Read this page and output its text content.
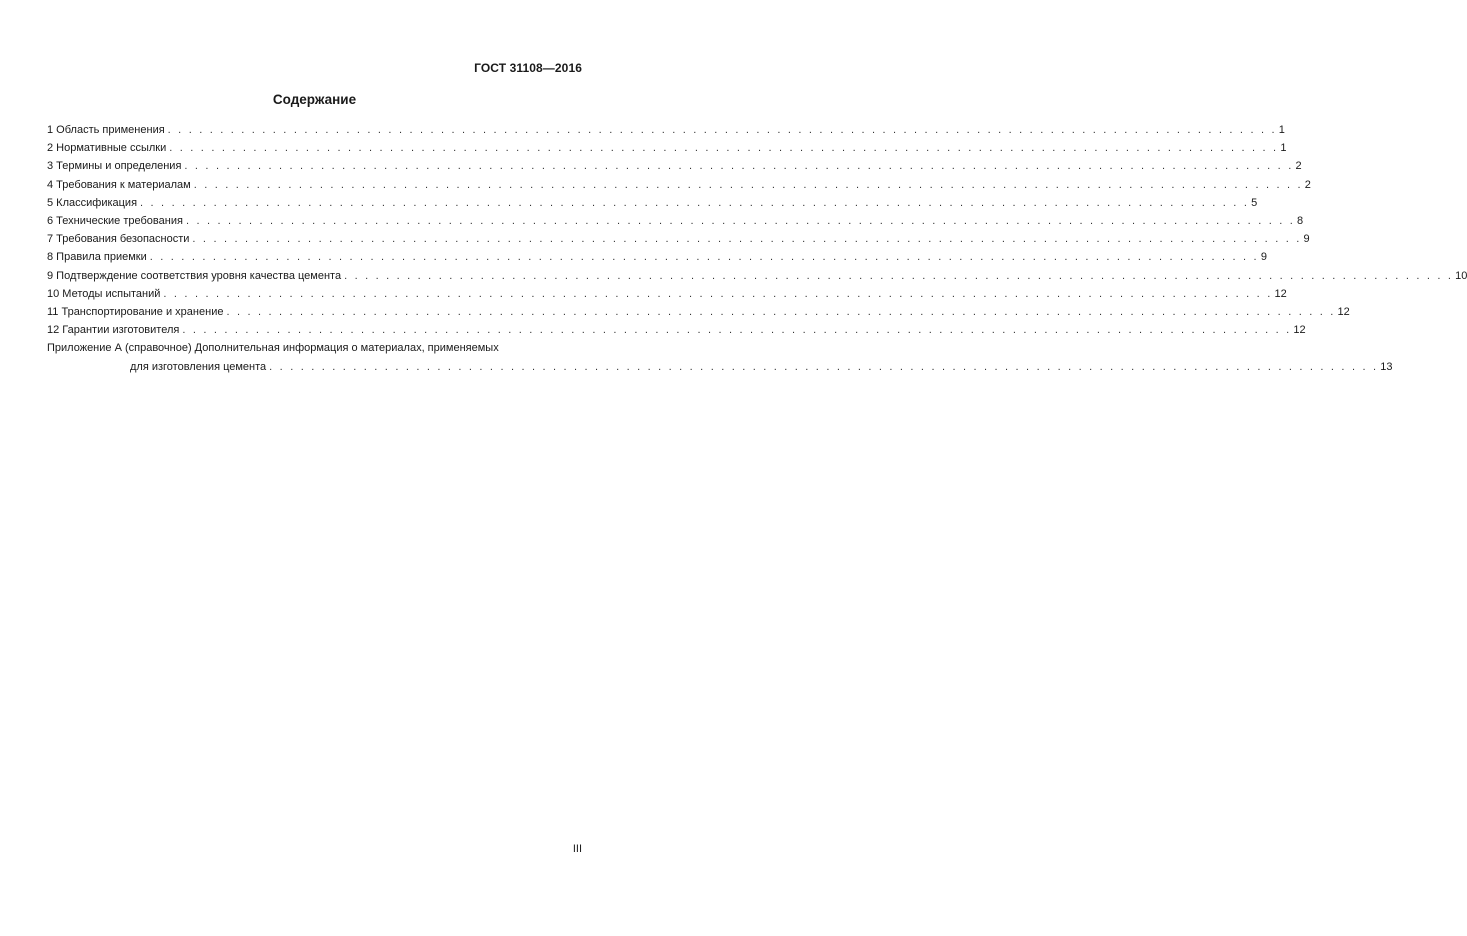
ГОСТ 31108—2016
Содержание
1 Область применения . . . . . . . . . . . . . . . . . . . . . . . . . . . . . . . . . . . . . . . . . . . . . . . . . . . . . . . . . . . . . . . . . . . . . . . . . . . . . . . . . . . . . . . . . . . . . . . . . . . . . . . . . . 1
2 Нормативные ссылки . . . . . . . . . . . . . . . . . . . . . . . . . . . . . . . . . . . . . . . . . . . . . . . . . . . . . . . . . . . . . . . . . . . . . . . . . . . . . . . . . . . . . . . . . . . . . . . . . . . . . . . . . . 1
3 Термины и определения . . . . . . . . . . . . . . . . . . . . . . . . . . . . . . . . . . . . . . . . . . . . . . . . . . . . . . . . . . . . . . . . . . . . . . . . . . . . . . . . . . . . . . . . . . . . . . . . . . . . . . . . . . 2
4 Требования к материалам . . . . . . . . . . . . . . . . . . . . . . . . . . . . . . . . . . . . . . . . . . . . . . . . . . . . . . . . . . . . . . . . . . . . . . . . . . . . . . . . . . . . . . . . . . . . . . . . . . . . . . . . . . 2
5 Классификация . . . . . . . . . . . . . . . . . . . . . . . . . . . . . . . . . . . . . . . . . . . . . . . . . . . . . . . . . . . . . . . . . . . . . . . . . . . . . . . . . . . . . . . . . . . . . . . . . . . . . . . . . . 5
6 Технические требования . . . . . . . . . . . . . . . . . . . . . . . . . . . . . . . . . . . . . . . . . . . . . . . . . . . . . . . . . . . . . . . . . . . . . . . . . . . . . . . . . . . . . . . . . . . . . . . . . . . . . . . . . . 8
7 Требования безопасности . . . . . . . . . . . . . . . . . . . . . . . . . . . . . . . . . . . . . . . . . . . . . . . . . . . . . . . . . . . . . . . . . . . . . . . . . . . . . . . . . . . . . . . . . . . . . . . . . . . . . . . . . . 9
8 Правила приемки . . . . . . . . . . . . . . . . . . . . . . . . . . . . . . . . . . . . . . . . . . . . . . . . . . . . . . . . . . . . . . . . . . . . . . . . . . . . . . . . . . . . . . . . . . . . . . . . . . . . . . . . . . 9
9 Подтверждение соответствия уровня качества цемента . . . . . . . . . . . . . . . . . . . . . . . . . . . . . . . . . . . . . . . . . . . . . . . . . . . . . . . . . . . . . . . . . . . . . . . . . . . . . . . . . . . . . . . . . . . . . . . . . . . . . . . . . . 10
10 Методы испытаний . . . . . . . . . . . . . . . . . . . . . . . . . . . . . . . . . . . . . . . . . . . . . . . . . . . . . . . . . . . . . . . . . . . . . . . . . . . . . . . . . . . . . . . . . . . . . . . . . . . . . . . . . . 12
11 Транспортирование и хранение . . . . . . . . . . . . . . . . . . . . . . . . . . . . . . . . . . . . . . . . . . . . . . . . . . . . . . . . . . . . . . . . . . . . . . . . . . . . . . . . . . . . . . . . . . . . . . . . . . . . . . . . . . 12
12 Гарантии изготовителя . . . . . . . . . . . . . . . . . . . . . . . . . . . . . . . . . . . . . . . . . . . . . . . . . . . . . . . . . . . . . . . . . . . . . . . . . . . . . . . . . . . . . . . . . . . . . . . . . . . . . . . . . . 12
Приложение А (справочное) Дополнительная информация о материалах, применяемых
для изготовления цемента . . . . . . . . . . . . . . . . . . . . . . . . . . . . . . . . . . . . . . . . . . . . . . . . . . . . . . . . . . . . . . . . . . . . . . . . . . . . . . . . . . . . . . . . . . . . . . . . . . . . . . . . . . 13
III
